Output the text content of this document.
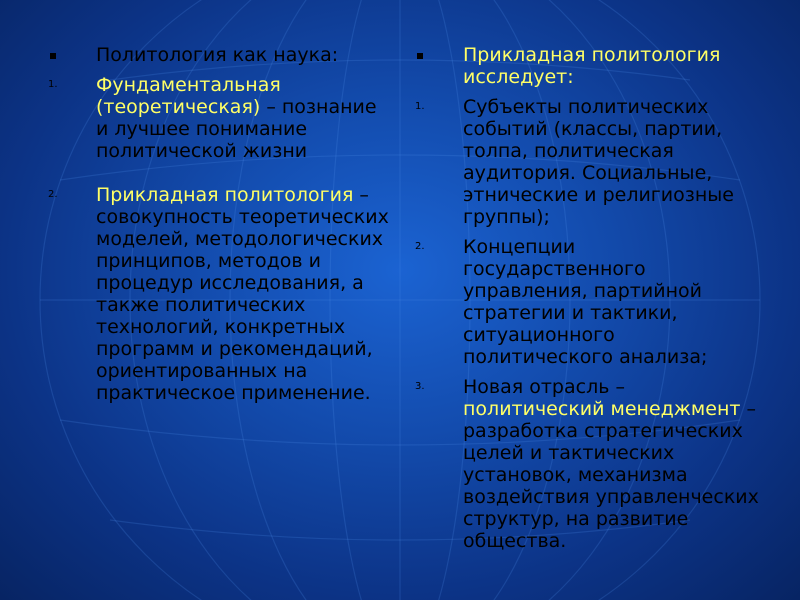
Политология как наука:
1. Фундаментальная (теоретическая) – познание и лучшее понимание политической жизни
2. Прикладная политология – совокупность теоретических моделей, методологических принципов, методов и процедур исследования, а также политических технологий, конкретных программ и рекомендаций, ориентированных на практическое применение.
Прикладная политология исследует:
1. Субъекты политических событий (классы, партии, толпа, политическая аудитория. Социальные, этнические и религиозные группы);
2. Концепции государственного управления, партийной стратегии и тактики, ситуационного политического анализа;
3. Новая отрасль – политический менеджмент – разработка стратегических целей и тактических установок, механизма воздействия управленческих структур, на развитие общества.
